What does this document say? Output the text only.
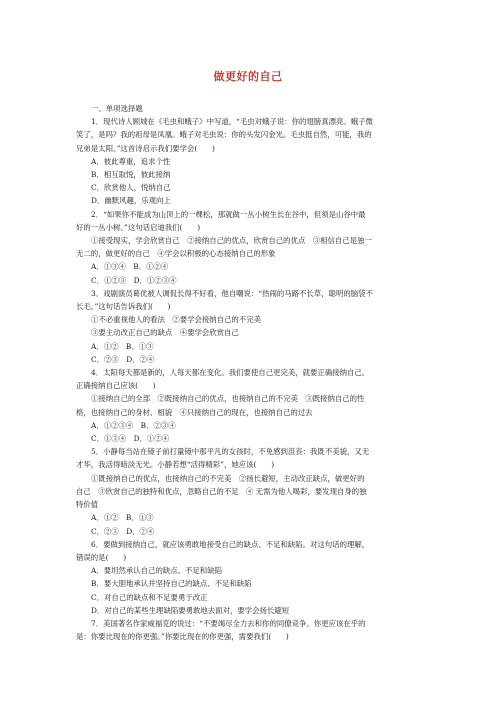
做更好的自己
一、单项选择题
1．现代诗人顾城在《毛虫和蛾子》中写道，“毛虫对蛾子说：你的翅膀真漂亮。蛾子微
笑了，是吗？我的祖母是凤凰。蛾子对毛虫说：你的头发闪金光。毛虫挺自然，可能，我的
兄弟是太阳。”这首诗启示我们要学会(　　)
A．彼此尊重，追求个性
B．相互取悦，彼此接纳
C．欣赏他人，悦纳自己
D．幽默风趣，乐观向上
2．“如果你不能成为山顶上的一棵松，那就做一丛小树生长在谷中，但须是山谷中最
好的一丛小树。”这句话启迪我们(　　)
①接受现实，学会欣赏自己　②接纳自己的优点，欣赏自己的优点　③相信自己是独一
无二的，做更好的自己　④学会以积极的心态接纳自己的形象
A．①③④　B．①②④
C．①②③　D．①②③④
3．戏剧演员葛优被人调侃长得不好看，他自嘲说：“热闹的马路不长草，聪明的脑袋不
长毛。”这句话告诉我们(　　)
①不必重视他人的看法　②要学会接纳自己的不完美
③要主动改正自己的缺点　④要学会欣赏自己
A．①②　B．①③
C．②③　D．②④
4．太阳每天都是新的，人每天都在变化。我们要使自己更完美，就要正确接纳自己。
正确接纳自己应该(　　)
①接纳自己的全部　②既接纳自己的优点，也接纳自己的不完美　③既接纳自己的性
格，也接纳自己的身材、相貌　④只接纳自己的现在，也接纳自己的过去
A．①②③④　B．②③④
C．①③④　D．①②④
5．小静每当站在镜子前打量镜中那平凡的女孩时，不免感到沮丧：我既不美貌，又无
才华，我活得暗淡无光。小静若想“活得精彩”，她应该(　　)
①既接纳自己的优点，也接纳自己的不完美　②扬长避短，主动改正缺点，做更好的
自己　③欣赏自己的独特和优点，忽略自己的不足　④ 无需为他人喝彩，要发现自身的独
特价值
A．①②　B．①③
C．②③　D．②④
6．要做到接纳自己，就应该勇敢地接受自己的缺点、不足和缺陷。对这句话的理解，
错误的是(　　)
A．要坦然承认自己的缺点、不足和缺陷
B．要大胆地承认并坚持自己的缺点、不足和缺陷
C．对自己的缺点和不足要勇于改正
D．对自己的某些生理缺陷要勇敢地去面对，要学会扬长避短
7．美国著名作家威福克的说过：“不要竭尽全力去和你的同僚竞争。你更应该在乎的
是：你要比现在的你更强。”你要比现在的你更强，需要我们(　　)
